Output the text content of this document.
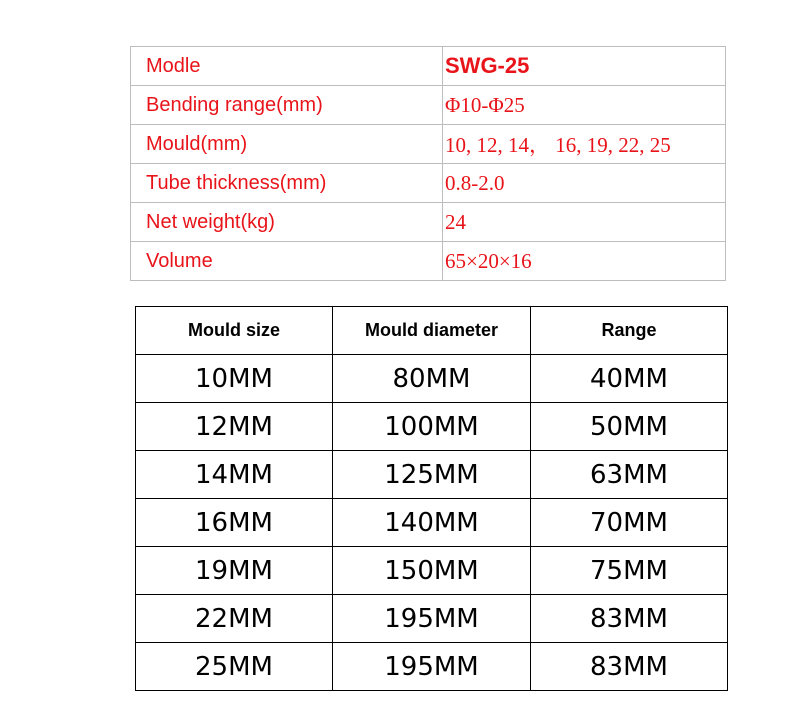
Modle	SWG-25
Bending range(mm)	Φ10-Φ25
Mould(mm)	10, 12, 14， 16, 19, 22, 25
Tube thickness(mm)	0.8-2.0
Net weight(kg)	24
Volume	65×20×16
Mould size	Mould diameter	Range
10MM	80MM	40MM
12MM	100MM	50MM
14MM	125MM	63MM
16MM	140MM	70MM
19MM	150MM	75MM
22MM	195MM	83MM
25MM	195MM	83MM
